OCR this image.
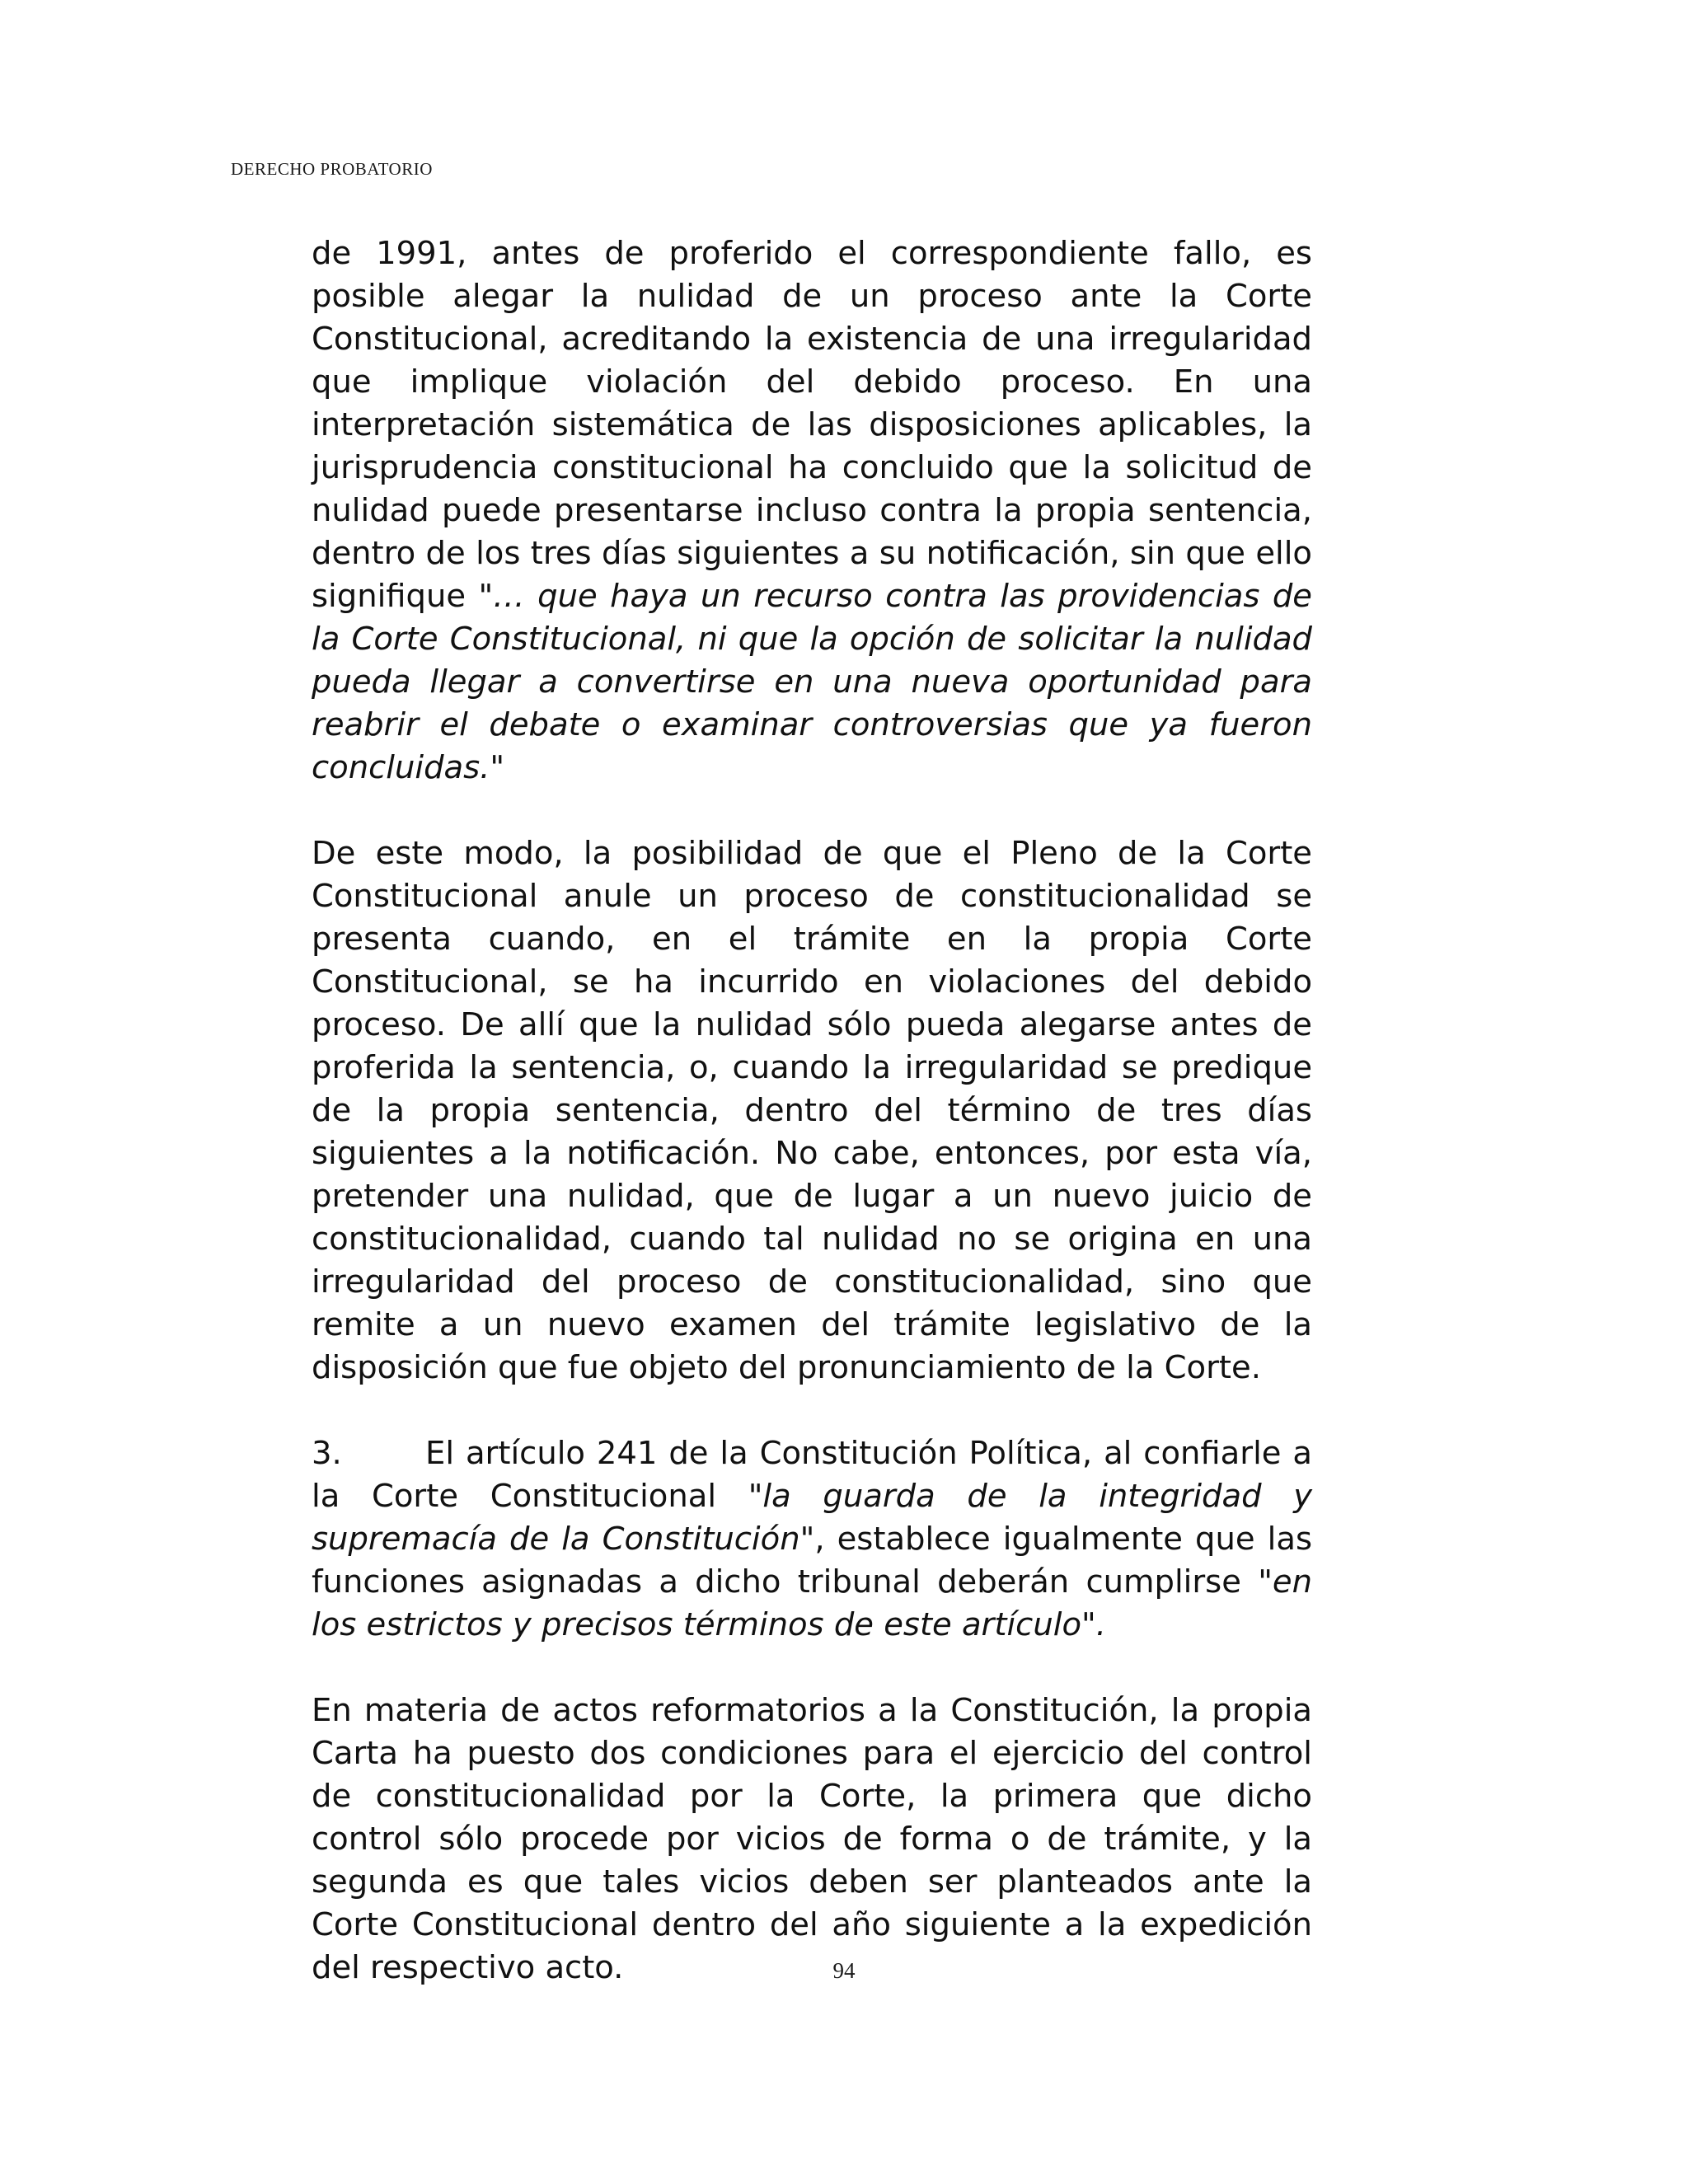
DERECHO PROBATORIO

de 1991, antes de proferido el correspondiente fallo, es posible alegar la nulidad de un proceso ante la Corte Constitucional, acreditando la existencia de una irregularidad que implique violación del debido proceso. En una interpretación sistemática de las disposiciones aplicables, la jurisprudencia constitucional ha concluido que la solicitud de nulidad puede presentarse incluso contra la propia sentencia, dentro de los tres días siguientes a su notificación, sin que ello signifique "… que haya un recurso contra las providencias de la Corte Constitucional, ni que la opción de solicitar la nulidad pueda llegar a convertirse en una nueva oportunidad para reabrir el debate o examinar controversias que ya fueron concluidas."

De este modo, la posibilidad de que el Pleno de la Corte Constitucional anule un proceso de constitucionalidad se presenta cuando, en el trámite en la propia Corte Constitucional, se ha incurrido en violaciones del debido proceso. De allí que la nulidad sólo pueda alegarse antes de proferida la sentencia, o, cuando la irregularidad se predique de la propia sentencia, dentro del término de tres días siguientes a la notificación. No cabe, entonces, por esta vía, pretender una nulidad, que de lugar a un nuevo juicio de constitucionalidad, cuando tal nulidad no se origina en una irregularidad del proceso de constitucionalidad, sino que remite a un nuevo examen del trámite legislativo de la disposición que fue objeto del pronunciamiento de la Corte.

3.	El artículo 241 de la Constitución Política, al confiarle a la Corte Constitucional "la guarda de la integridad y supremacía de la Constitución", establece igualmente que las funciones asignadas a dicho tribunal deberán cumplirse "en los estrictos y precisos términos de este artículo".

En materia de actos reformatorios a la Constitución, la propia Carta ha puesto dos condiciones para el ejercicio del control de constitucionalidad por la Corte, la primera que dicho control sólo procede por vicios de forma o de trámite, y la segunda es que tales vicios deben ser planteados ante la Corte Constitucional dentro del año siguiente a la expedición del respectivo acto.	94
